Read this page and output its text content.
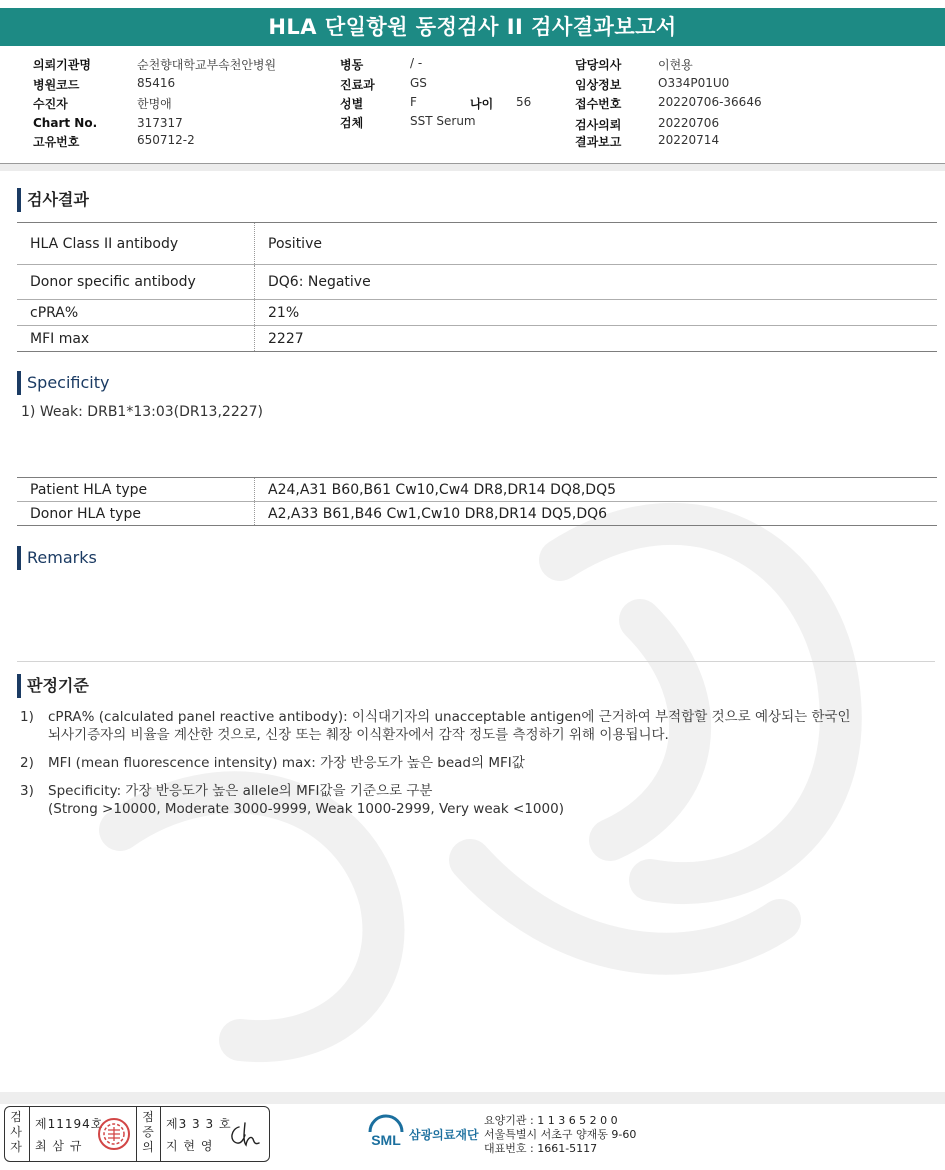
HLA 단일항원 동정검사 II 검사결과보고서
의뢰기관명	순천향대학교부속천안병원
병원코드	85416
수진자	한명애
Chart No.	317317
고유번호	650712-2
병동	/ -
진료과	GS
성별	F	나이 56
검체	SST Serum
담당의사	이현용
임상정보	O334P01U0
접수번호	20220706-36646
검사의뢰	20220706
결과보고	20220714
검사결과
HLA Class II antibody	Positive
Donor specific antibody	DQ6: Negative
cPRA%	21%
MFI max	2227
Specificity
1) Weak: DRB1*13:03(DR13,2227)
Patient HLA type	A24,A31 B60,B61 Cw10,Cw4 DR8,DR14 DQ8,DQ5
Donor HLA type	A2,A33 B61,B46 Cw1,Cw10 DR8,DR14 DQ5,DQ6
Remarks
판정기준
1) cPRA% (calculated panel reactive antibody): 이식대기자의 unacceptable antigen에 근거하여 부적합할 것으로 예상되는 한국인
뇌사기증자의 비율을 계산한 것으로, 신장 또는 췌장 이식환자에서 감작 정도를 측정하기 위해 이용됩니다.
2) MFI (mean fluorescence intensity) max: 가장 반응도가 높은 bead의 MFI값
3) Specificity: 가장 반응도가 높은 allele의 MFI값을 기준으로 구분
(Strong >10000, Moderate 3000-9999, Weak 1000-2999, Very weak <1000)
검사자
제11194호
최 삼 규
점증의
제3 3 3 호
지 현 영	SML 삼광의료재단
요양기관 : 1 1 3 6 5 2 0 0
서울특별시 서초구 양재동 9-60
대표번호 : 1661-5117
